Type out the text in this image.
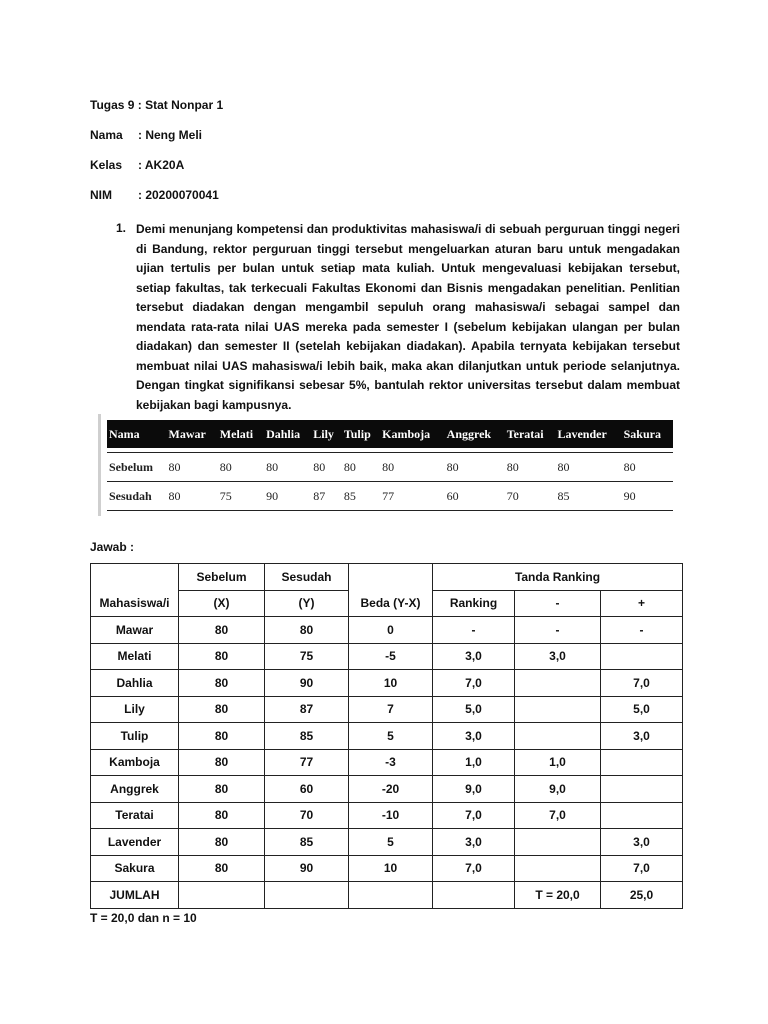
Tugas 9 : Stat Nonpar 1
Nama : Neng Meli
Kelas : AK20A
NIM : 20200070041
1. Demi menunjang kompetensi dan produktivitas mahasiswa/i di sebuah perguruan tinggi negeri di Bandung, rektor perguruan tinggi tersebut mengeluarkan aturan baru untuk mengadakan ujian tertulis per bulan untuk setiap mata kuliah. Untuk mengevaluasi kebijakan tersebut, setiap fakultas, tak terkecuali Fakultas Ekonomi dan Bisnis mengadakan penelitian. Penlitian tersebut diadakan dengan mengambil sepuluh orang mahasiswa/i sebagai sampel dan mendata rata-rata nilai UAS mereka pada semester I (sebelum kebijakan ulangan per bulan diadakan) dan semester II (setelah kebijakan diadakan). Apabila ternyata kebijakan tersebut membuat nilai UAS mahasiswa/i lebih baik, maka akan dilanjutkan untuk periode selanjutnya. Dengan tingkat signifikansi sebesar 5%, bantulah rektor universitas tersebut dalam membuat kebijakan bagi kampusnya.

Nama	Mawar	Melati	Dahlia	Lily	Tulip	Kamboja	Anggrek	Teratai	Lavender	Sakura

Sebelum	80	80	80	80	80	80	80	80	80	80
Sesudah	80	75	90	87	85	77	60	70	85	90
Jawab :
Mahasiswa/i	Sebelum	Sesudah	Beda (Y-X)	Tanda Ranking		
	(X)	(Y)		Ranking	-	+
Mawar	80	80	0	-	-	-
Melati	80	75	-5	3,0	3,0	
Dahlia	80	90	10	7,0		7,0
Lily	80	87	7	5,0		5,0
Tulip	80	85	5	3,0		3,0
Kamboja	80	77	-3	1,0	1,0	
Anggrek	80	60	-20	9,0	9,0	
Teratai	80	70	-10	7,0	7,0	
Lavender	80	85	5	3,0		3,0
Sakura	80	90	10	7,0		7,0
JUMLAH					T = 20,0	25,0
T = 20,0 dan n = 10
